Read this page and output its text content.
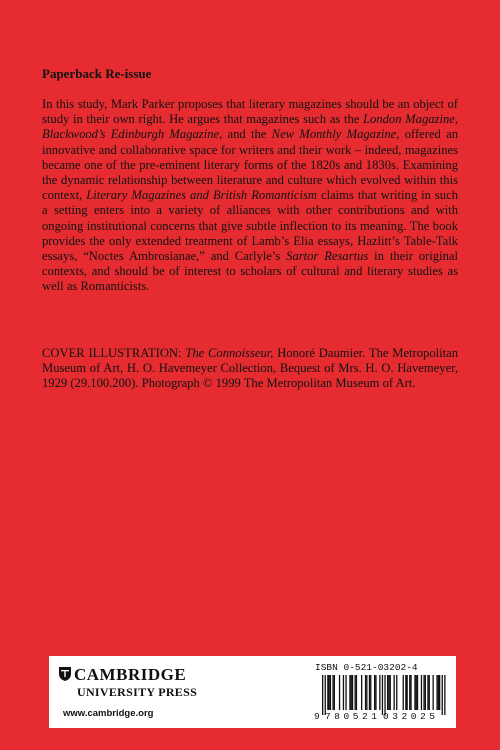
Paperback Re-issue

In this study, Mark Parker proposes that literary magazines should be an object of study in their own right. He argues that magazines such as the London Magazine, Blackwood’s Edinburgh Magazine, and the New Monthly Magazine, offered an innovative and collaborative space for writers and their work – indeed, magazines became one of the pre-eminent literary forms of the 1820s and 1830s. Examining the dynamic relationship between literature and culture which evolved within this context, Literary Magazines and British Romanticism claims that writing in such a setting enters into a variety of alliances with other contributions and with ongoing institutional concerns that give subtle inflection to its meaning. The book provides the only extended treatment of Lamb’s Elia essays, Hazlitt’s Table-Talk essays, “Noctes Ambrosianae,” and Carlyle’s Sartor Resartus in their original contexts, and should be of interest to scholars of cultural and literary studies as well as Romanticists.

COVER ILLUSTRATION: The Connoisseur, Honoré Daumier. The Metropolitan Museum of Art, H. O. Havemeyer Collection, Bequest of Mrs. H. O. Havemeyer, 1929 (29.100.200). Photograph © 1999 The Metropolitan Museum of Art.

CAMBRIDGE
UNIVERSITY PRESS
www.cambridge.org
ISBN 0-521-03202-4
9 780521 032025
